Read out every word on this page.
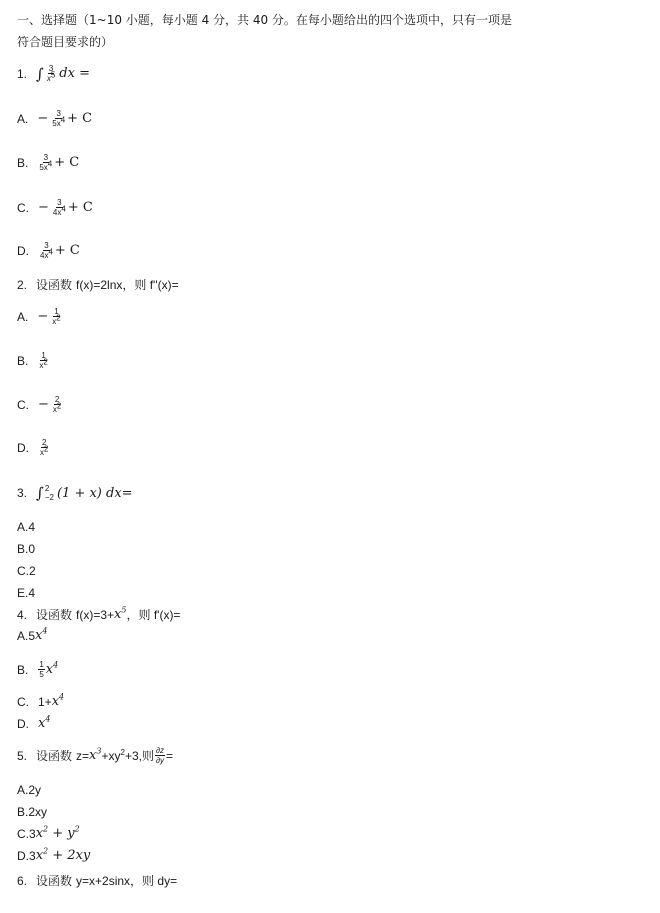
一、选择题（1~10 小题，每小题 4 分，共 40 分。在每小题给出的四个选项中，只有一项是
符合题目要求的）
1. ∫ $\frac{3}{x^5}$ dx =
A. − $\frac{3}{5x^4} + C$
B. $\frac{3}{5x^4} + C$
C. − $\frac{3}{4x^4} + C$
D. $\frac{3}{4x^4} + C$
2. 设函数 f(x)=2lnx，则 f''(x)=
A. − $\frac{1}{x^2}$
B. $\frac{1}{x^2}$
C. − $\frac{2}{x^2}$
D. $\frac{2}{x^2}$
3. ∫ 2
−2 (1 + x) dx=
A.4
B.0
C.2
E.4
4. 设函数 $f(x)=3+ x^5$ ，则 f'(x)=
A.5 $x^4$
B. $\frac{1}{5} x^4$
C. $1+ x^4$
D. $x^4$
5. 设函数 $z= x^3 +xy^2+3$,则 $\frac{\partial z}{\partial y}$ =
A.2y
B.2xy
C.3 $x^2 + y^2$
D.3 $x^2 + 2xy$
6. 设函数 y=x+2sinx，则 dy=
